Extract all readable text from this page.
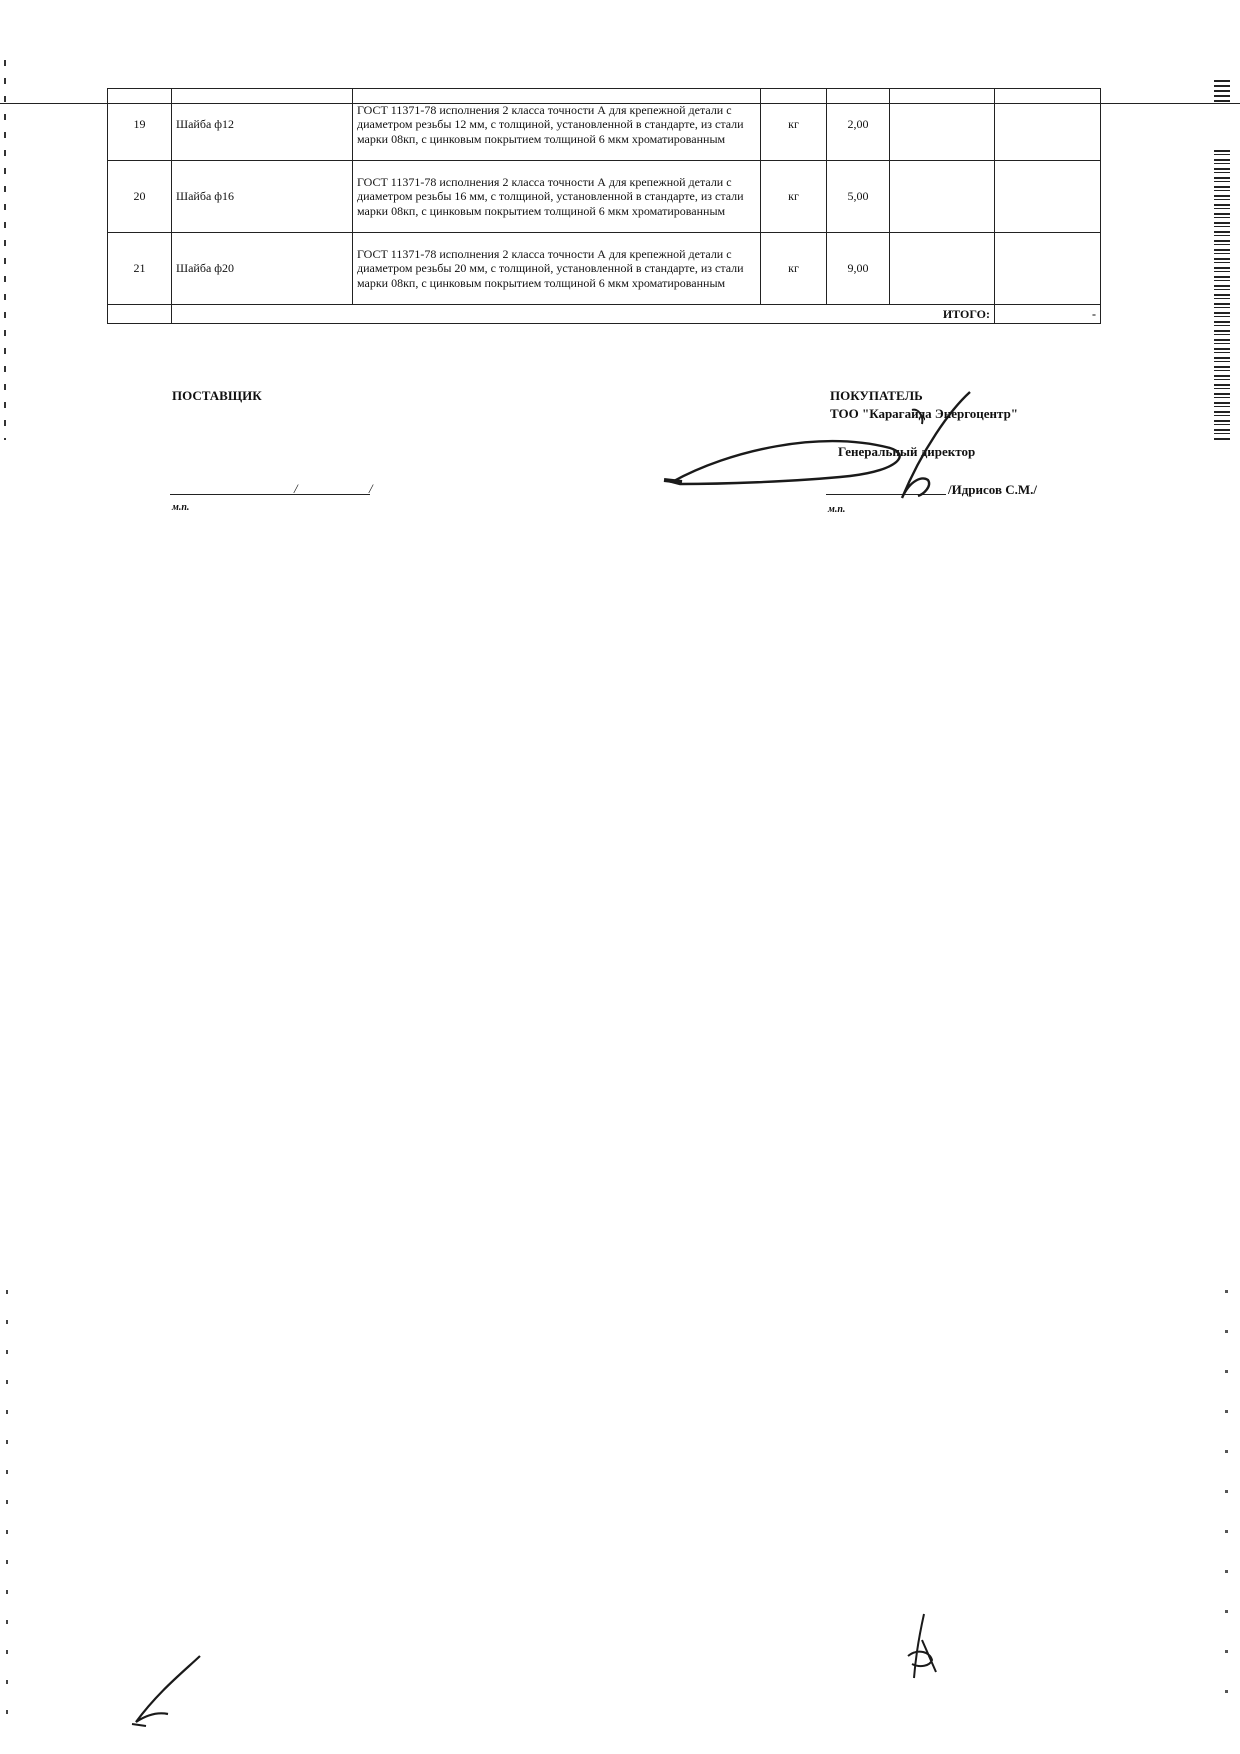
19	Шайба ф12	ГОСТ 11371-78 исполнения 2 класса точности А для крепежной детали с диаметром резьбы 12 мм, с толщиной, установленной в стандарте, из стали марки 08кп, с цинковым покрытием толщиной 6 мкм хроматированным	кг	2,00		
20	Шайба ф16	ГОСТ 11371-78 исполнения 2 класса точности А для крепежной детали с диаметром резьбы 16 мм, с толщиной, установленной в стандарте, из стали марки 08кп, с цинковым покрытием толщиной 6 мкм хроматированным	кг	5,00		
21	Шайба ф20	ГОСТ 11371-78 исполнения 2 класса точности А для крепежной детали с диаметром резьбы 20 мм, с толщиной, установленной в стандарте, из стали марки 08кп, с цинковым покрытием толщиной 6 мкм хроматированным	кг	9,00		
					ИТОГО:	-
ПОСТАВЩИК
/	/
м.п.
ПОКУПАТЕЛЬ
ТОО "Карагаида Энергоцентр"
Генеральный директор
/Идрисов С.М./
м.п.
